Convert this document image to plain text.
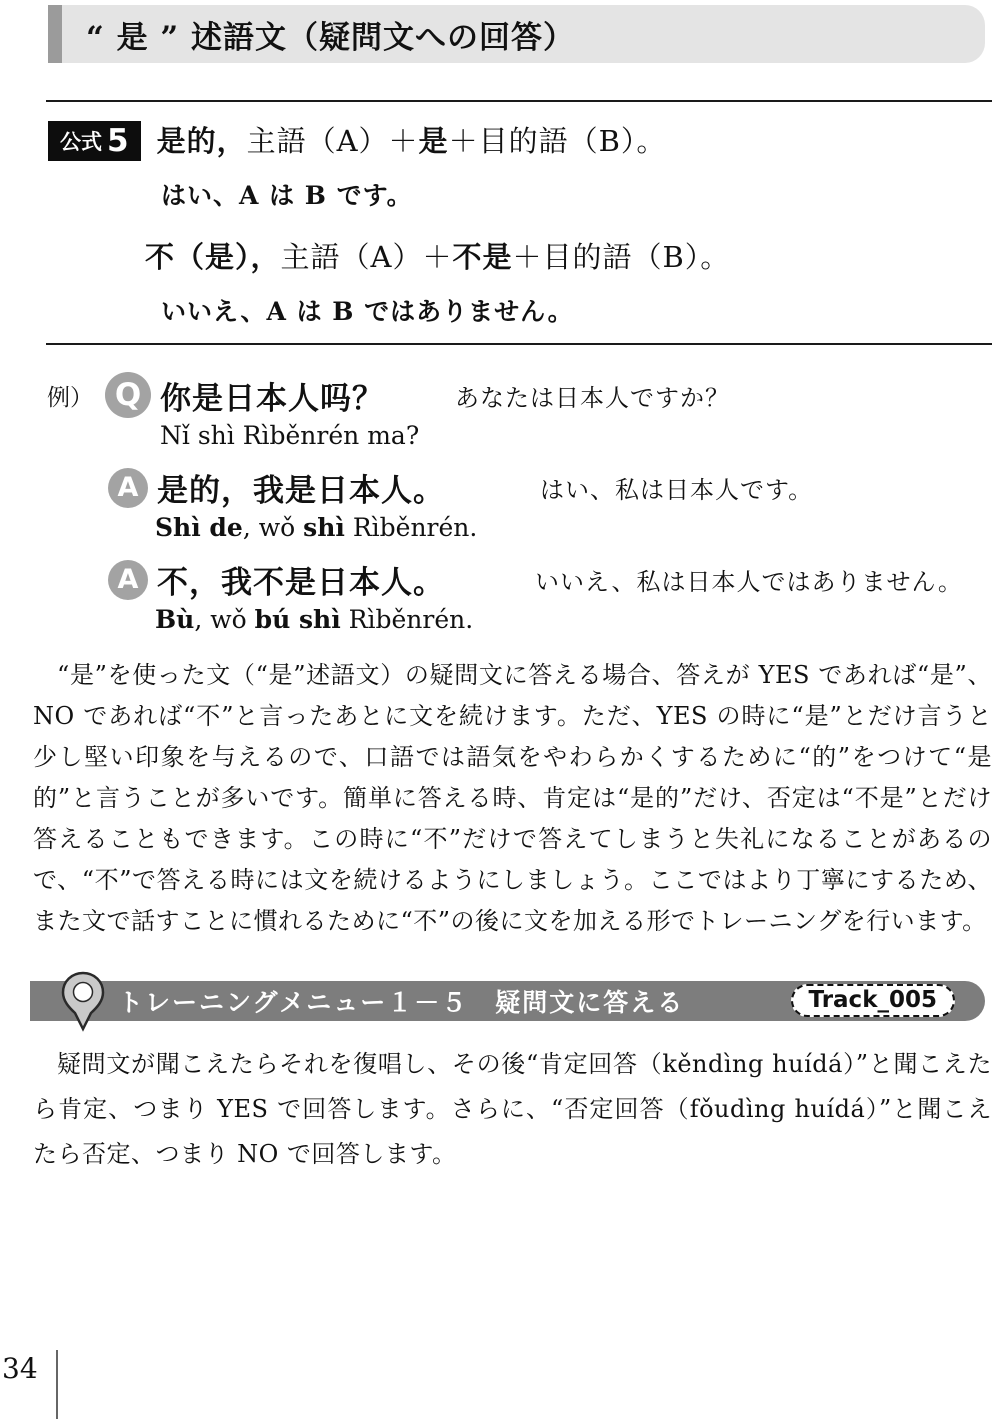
“ 是 ” 述語文（疑問文への回答）
公式 5 是的，主語（A）＋是＋目的語（B）。
はい、A は B です。
不（是），主語（A）＋不是＋目的語（B）。
いいえ、A は B ではありません。
例） Q 你是日本人吗？	あなたは日本人ですか？
Nǐ shì Rìběnrén ma?
A 是的，我是日本人。	はい、私は日本人です。
Shì de, wǒ shì Rìběnrén.
A 不，我不是日本人。	いいえ、私は日本人ではありません。
Bù, wǒ bú shì Rìběnrén.

“是”を使った文（“是”述語文）の疑問文に答える場合、答えが YES であれば“是”、NO であれば“不”と言ったあとに文を続けます。ただ、YES の時に“是”とだけ言うと少し堅い印象を与えるので、口語では語気をやわらかくするために“的”をつけて“是的”と言うことが多いです。簡単に答える時、肯定は“是的”だけ、否定は“不是”とだけ答えることもできます。この時に“不”だけで答えてしまうと失礼になることがあるので、“不”で答える時には文を続けるようにしましょう。ここではより丁寧にするため、また文で話すことに慣れるために“不”の後に文を加える形でトレーニングを行います。

トレーニングメニュー１－５　疑問文に答える	Track_005

疑問文が聞こえたらそれを復唱し、その後“肯定回答（kěndìng huídá）”と聞こえたら肯定、つまり YES で回答します。さらに、“否定回答（fǒudìng huídá）”と聞こえたら否定、つまり NO で回答します。

34
